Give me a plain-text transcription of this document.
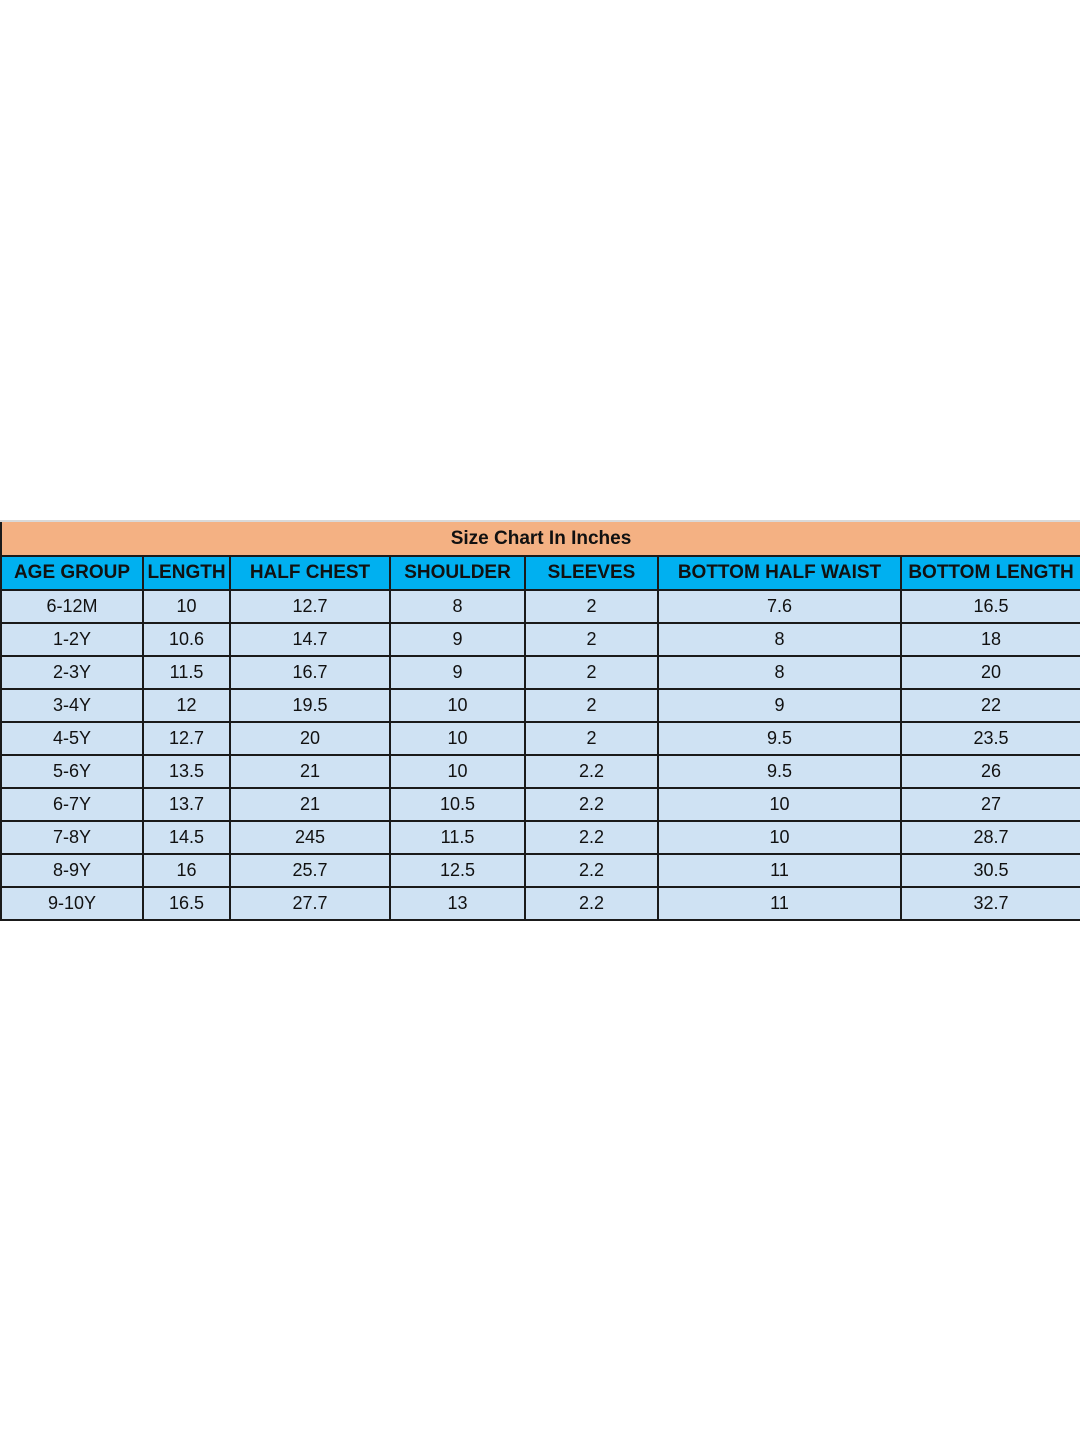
Size Chart In Inches						
AGE GROUP	LENGTH	HALF CHEST	SHOULDER	SLEEVES	BOTTOM HALF WAIST	BOTTOM LENGTH
6-12M	10	12.7	8	2	7.6	16.5
1-2Y	10.6	14.7	9	2	8	18
2-3Y	11.5	16.7	9	2	8	20
3-4Y	12	19.5	10	2	9	22
4-5Y	12.7	20	10	2	9.5	23.5
5-6Y	13.5	21	10	2.2	9.5	26
6-7Y	13.7	21	10.5	2.2	10	27
7-8Y	14.5	245	11.5	2.2	10	28.7
8-9Y	16	25.7	12.5	2.2	11	30.5
9-10Y	16.5	27.7	13	2.2	11	32.7
